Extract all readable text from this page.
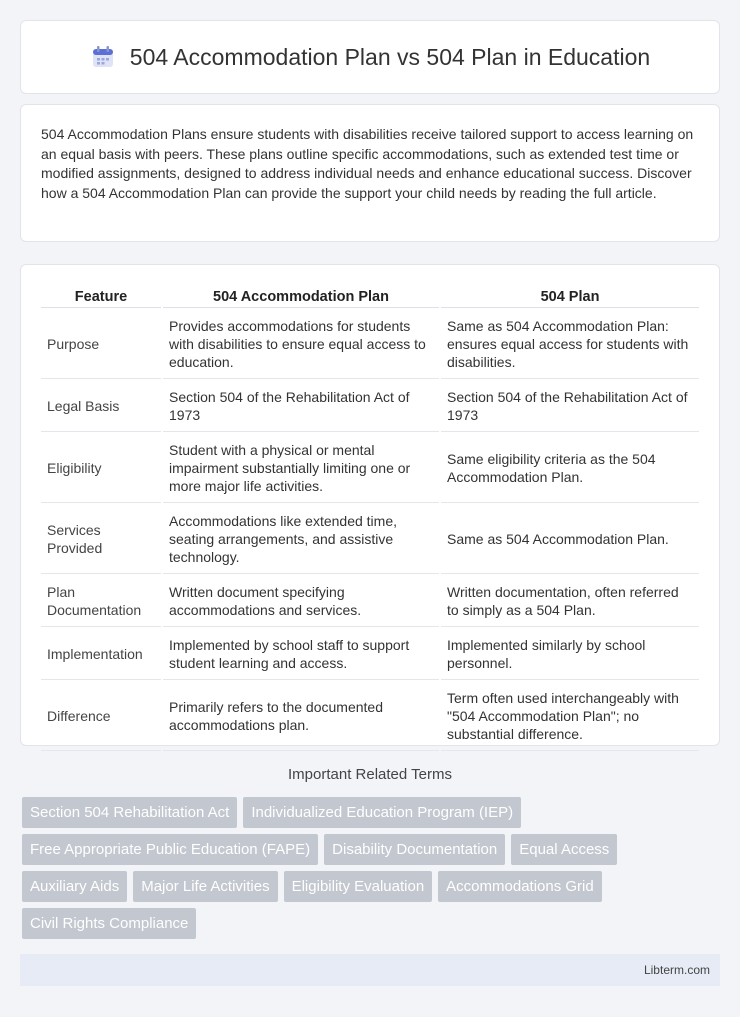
504 Accommodation Plan vs 504 Plan in Education

504 Accommodation Plans ensure students with disabilities receive tailored support to access learning on an equal basis with peers. These plans outline specific accommodations, such as extended test time or modified assignments, designed to address individual needs and enhance educational success. Discover how a 504 Accommodation Plan can provide the support your child needs by reading the full article.

Feature	504 Accommodation Plan	504 Plan
Purpose	Provides accommodations for students with disabilities to ensure equal access to education.	Same as 504 Accommodation Plan: ensures equal access for students with disabilities.
Legal Basis	Section 504 of the Rehabilitation Act of 1973	Section 504 of the Rehabilitation Act of 1973
Eligibility	Student with a physical or mental impairment substantially limiting one or more major life activities.	Same eligibility criteria as the 504 Accommodation Plan.
Services Provided	Accommodations like extended time, seating arrangements, and assistive technology.	Same as 504 Accommodation Plan.
Plan Documentation	Written document specifying accommodations and services.	Written documentation, often referred to simply as a 504 Plan.
Implementation	Implemented by school staff to support student learning and access.	Implemented similarly by school personnel.
Difference	Primarily refers to the documented accommodations plan.	Term often used interchangeably with "504 Accommodation Plan"; no substantial difference.
Important Related Terms
Section 504 Rehabilitation Act	Individualized Education Program (IEP)
Free Appropriate Public Education (FAPE)	Disability Documentation	Equal Access
Auxiliary Aids	Major Life Activities	Eligibility Evaluation	Accommodations Grid
Civil Rights Compliance
Libterm.com
